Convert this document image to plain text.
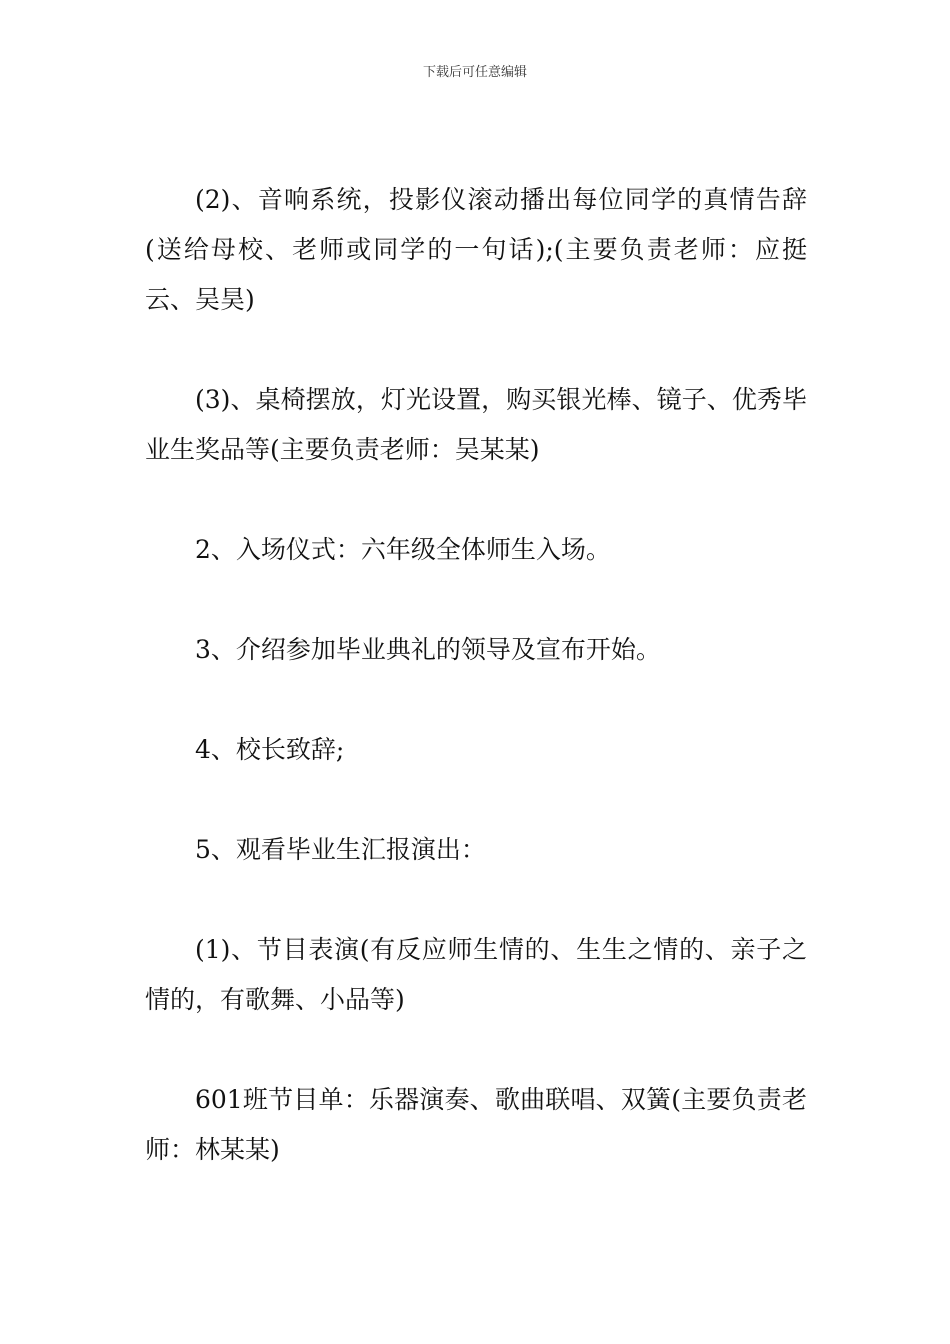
下载后可任意编辑

(2)、音响系统，投影仪滚动播出每位同学的真情告辞(送给母校、老师或同学的一句话);(主要负责老师：应挺云、吴昊)

(3)、桌椅摆放，灯光设置，购买银光棒、镜子、优秀毕业生奖品等(主要负责老师：吴某某)

2、入场仪式：六年级全体师生入场。

3、介绍参加毕业典礼的领导及宣布开始。

4、校长致辞;

5、观看毕业生汇报演出：

(1)、节目表演(有反应师生情的、生生之情的、亲子之情的，有歌舞、小品等)

601班节目单：乐器演奏、歌曲联唱、双簧(主要负责老师：林某某)
